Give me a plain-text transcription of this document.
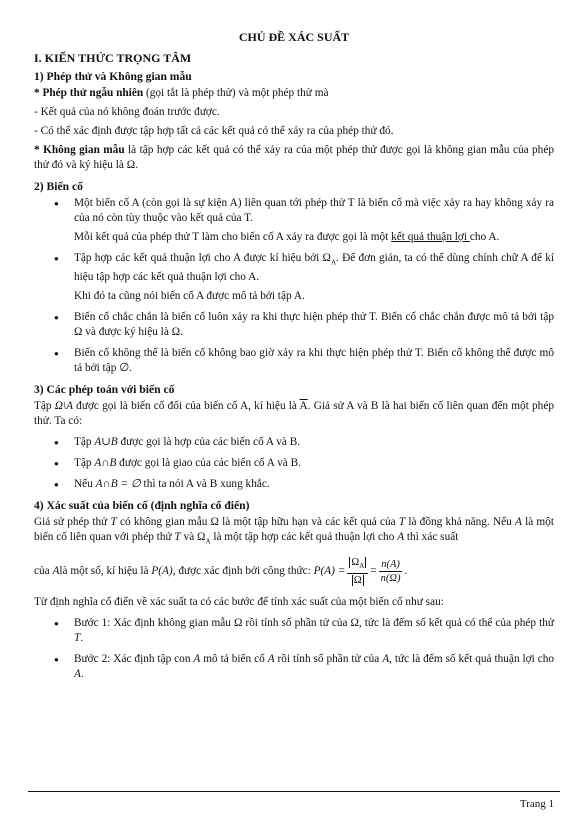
CHỦ ĐỀ XÁC SUẤT
I. KIẾN THỨC TRỌNG TÂM
1) Phép thử và Không gian mẫu

* Phép thử ngẫu nhiên (gọi tắt là phép thử) và một phép thử mà

- Kết quả của nó không đoán trước được.

- Có thể xác định được tập hợp tất cả các kết quả có thể xảy ra của phép thử đó.

* Không gian mẫu là tập hợp các kết quả có thể xảy ra của một phép thử được gọi là không gian mẫu của phép thử đó và ký hiệu là Ω.

2) Biến cố
● Một biến cố A (còn gọi là sự kiện A) liên quan tới phép thử T là biến cố mà việc xảy ra hay không xảy ra của nó còn tùy thuộc vào kết quả của T.
Mỗi kết quả của phép thử T làm cho biến cố A xảy ra được gọi là một kết quả thuận lợi cho A.
● Tập hợp các kết quả thuận lợi cho A được kí hiệu bởi $\Omega_A$. Để đơn giản, ta có thể dùng chính chữ A để kí hiệu tập hợp các kết quả thuận lợi cho A.
Khi đó ta cũng nói biến cố A được mô tả bởi tập A.
● Biến cố chắc chắn là biến cố luôn xảy ra khi thực hiện phép thử T. Biến cố chắc chắn được mô tả bởi tập Ω và được ký hiệu là Ω.
● Biến cố không thể là biến cố không bao giờ xảy ra khi thực hiện phép thử T. Biến cố không thể được mô tả bởi tập ∅.
3) Các phép toán với biến cố

Tập Ω\A được gọi là biến cố đối của biến cố A, kí hiệu là $\overline{A}$. Giả sử A và B là hai biến cố liên quan đến một phép thử. Ta có:

● Tập A∪B được gọi là hợp của các biến cố A và B.
● Tập A∩B được gọi là giao của các biến cố A và B.
● Nếu A∩B = ∅ thì ta nói A và B xung khắc.
4) Xác suất của biến cố (định nghĩa cổ điển)

Giả sử phép thử T có không gian mẫu Ω là một tập hữu hạn và các kết quả của T là đồng khả năng. Nếu A là một biến cố liên quan với phép thử T và $\Omega_A$ là một tập hợp các kết quả thuận lợi cho A thì xác suất

của
A là một số, kí hiệu là
P(A) , được xác định bởi công thức:
$P(A) = \frac{\Omega_A}{\Omega} = \frac{n(A)}{n(\Omega)}$ .

Từ định nghĩa cổ điển về xác suất ta có các bước để tính xác suất của một biến cố như sau:

● Bước 1: Xác định không gian mẫu Ω rồi tính số phần tử của Ω, tức là đếm số kết quả có thể của phép thử T.
● Bước 2: Xác định tập con A mô tả biến cố A rồi tính số phần tử của A, tức là đếm số kết quả thuận lợi cho A.
Trang 1
